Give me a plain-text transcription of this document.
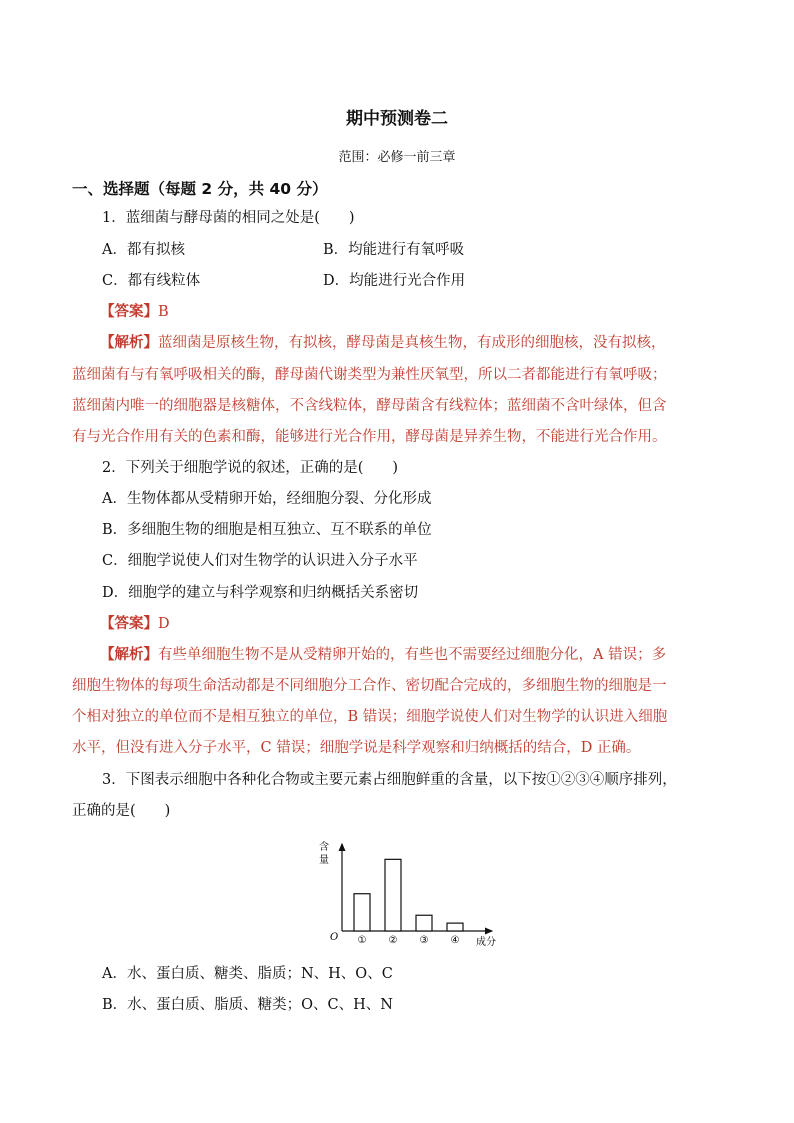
期中预测卷二
范围：必修一前三章
一、选择题（每题 2 分，共 40 分）
1．蓝细菌与酵母菌的相同之处是(　　)
A．都有拟核	B．均能进行有氧呼吸
C．都有线粒体	D．均能进行光合作用
【答案】B
【解析】蓝细菌是原核生物，有拟核，酵母菌是真核生物，有成形的细胞核，没有拟核，
蓝细菌有与有氧呼吸相关的酶，酵母菌代谢类型为兼性厌氧型，所以二者都能进行有氧呼吸；
蓝细菌内唯一的细胞器是核糖体，不含线粒体，酵母菌含有线粒体；蓝细菌不含叶绿体，但含
有与光合作用有关的色素和酶，能够进行光合作用，酵母菌是异养生物，不能进行光合作用。
2．下列关于细胞学说的叙述，正确的是(　　)
A．生物体都从受精卵开始，经细胞分裂、分化形成
B．多细胞生物的细胞是相互独立、互不联系的单位
C．细胞学说使人们对生物学的认识进入分子水平
D．细胞学的建立与科学观察和归纳概括关系密切
【答案】D
【解析】有些单细胞生物不是从受精卵开始的，有些也不需要经过细胞分化，A 错误；多
细胞生物体的每项生命活动都是不同细胞分工合作、密切配合完成的，多细胞生物的细胞是一
个相对独立的单位而不是相互独立的单位，B 错误；细胞学说使人们对生物学的认识进入细胞
水平，但没有进入分子水平，C 错误；细胞学说是科学观察和归纳概括的结合，D 正确。
3．下图表示细胞中各种化合物或主要元素占细胞鲜重的含量，以下按①②③④顺序排列，
正确的是(　　)
含
量
O	成分
① ② ③ ④
A．水、蛋白质、糖类、脂质；N、H、O、C
B．水、蛋白质、脂质、糖类；O、C、H、N
